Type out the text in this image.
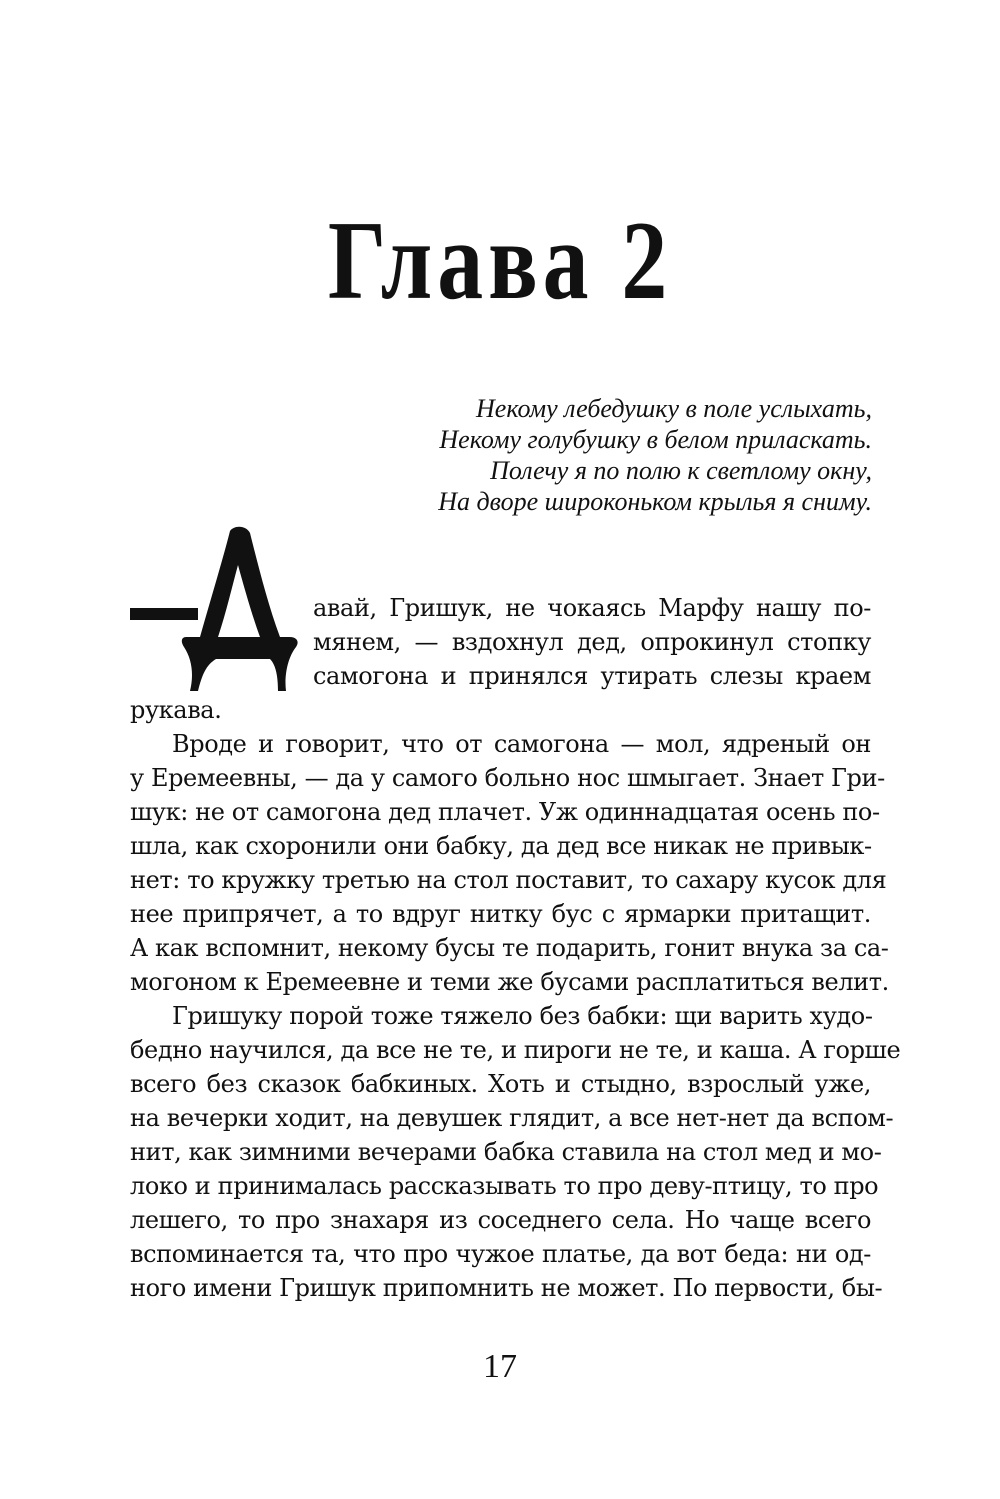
Глава 2
Некому лебедушку в поле услыхать,
Некому голубушку в белом приласкать.
Полечу я по полю к светлому окну,
На дворе широконьком крылья я сниму.
авай, Гришук, не чокаясь Марфу нашу по-
мянем, — вздохнул дед, опрокинул стопку
самогона и принялся утирать слезы краем
рукава.
Вроде и говорит, что от самогона — мол, ядреный он
у Еремеевны, — да у самого больно нос шмыгает. Знает Гри-
шук: не от самогона дед плачет. Уж одиннадцатая осень по-
шла, как схоронили они бабку, да дед все никак не привык-
нет: то кружку третью на стол поставит, то сахару кусок для
нее припрячет, а то вдруг нитку бус с ярмарки притащит.
А как вспомнит, некому бусы те подарить, гонит внука за са-
могоном к Еремеевне и теми же бусами расплатиться велит.
Гришуку порой тоже тяжело без бабки: щи варить худо-
бедно научился, да все не те, и пироги не те, и каша. А горше
всего без сказок бабкиных. Хоть и стыдно, взрослый уже,
на вечерки ходит, на девушек глядит, а все нет-нет да вспом-
нит, как зимними вечерами бабка ставила на стол мед и мо-
локо и принималась рассказывать то про деву-птицу, то про
лешего, то про знахаря из соседнего села. Но чаще всего
вспоминается та, что про чужое платье, да вот беда: ни од-
ного имени Гришук припомнить не может. По первости, бы-
17
